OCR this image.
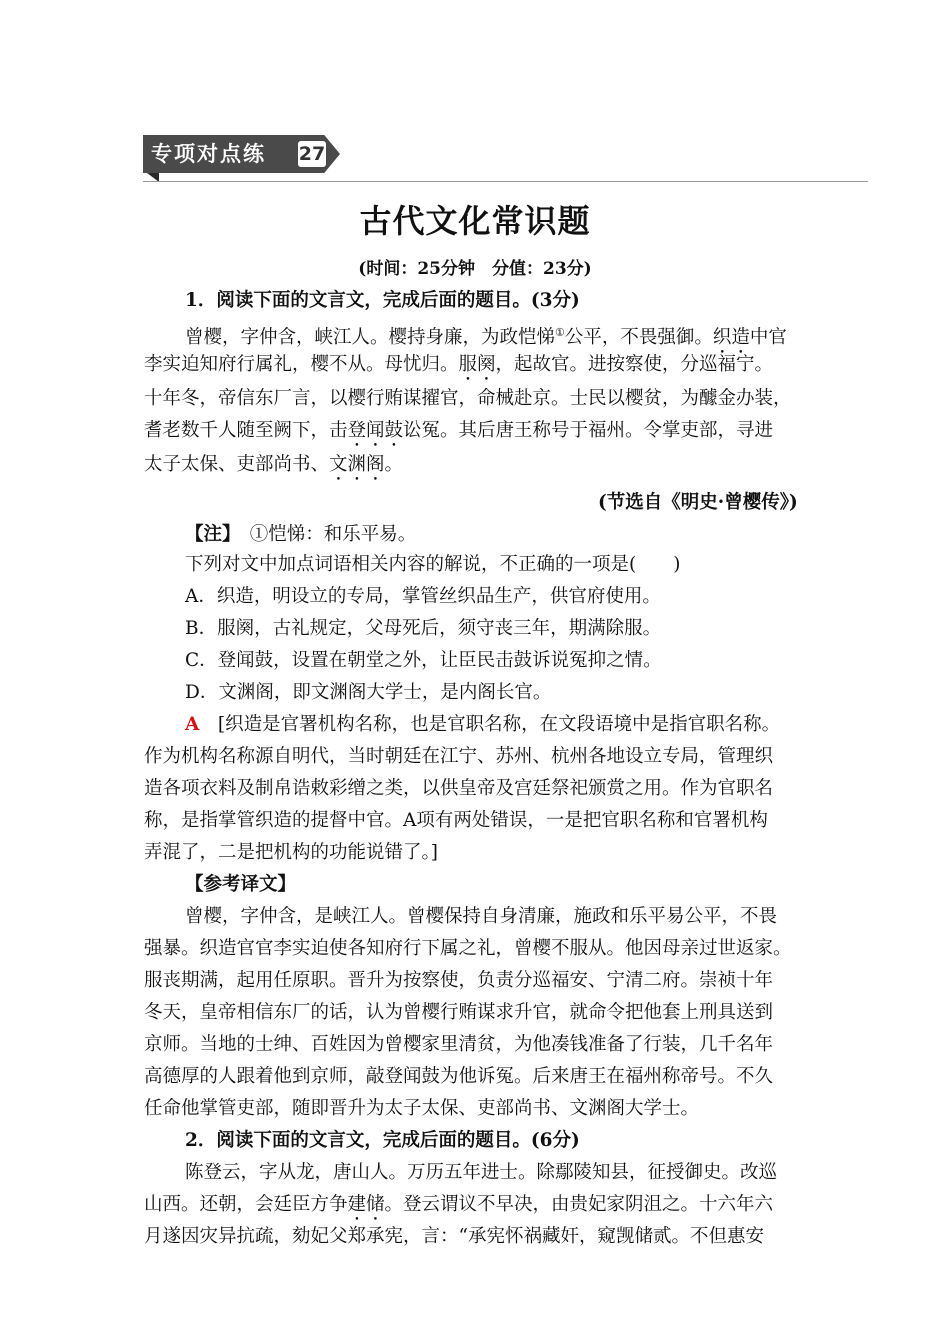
专项对点练 27
古代文化常识题
(时间：25分钟　分值：23分)
1．阅读下面的文言文，完成后面的题目。(3分)
曾樱，字仲含，峡江人。樱持身廉，为政恺悌①公平，不畏强御。织造中官
李实迫知府行属礼，樱不从。母忧归。服阕，起故官。进按察使，分巡福宁。
十年冬，帝信东厂言，以樱行贿谋擢官，命械赴京。士民以樱贫，为醵金办装，
耆老数千人随至阙下，击登闻鼓讼冤。其后唐王称号于福州。令掌吏部，寻进
太子太保、吏部尚书、文渊阁。
(节选自《明史·曾樱传》)
【注】　 ①恺悌：和乐平易。
下列对文中加点词语相关内容的解说，不正确的一项是(　　)
A．织造，明设立的专局，掌管丝织品生产，供官府使用。
B．服阕，古礼规定，父母死后，须守丧三年，期满除服。
C．登闻鼓，设置在朝堂之外，让臣民击鼓诉说冤抑之情。
D．文渊阁，即文渊阁大学士，是内阁长官。
A　 [织造是官署机构名称，也是官职名称，在文段语境中是指官职名称。
作为机构名称源自明代，当时朝廷在江宁、苏州、杭州各地设立专局，管理织
造各项衣料及制帛诰敕彩缯之类，以供皇帝及宫廷祭祀颁赏之用。作为官职名
称，是指掌管织造的提督中官。A项有两处错误，一是把官职名称和官署机构
弄混了，二是把机构的功能说错了。]
【参考译文】
曾樱，字仲含，是峡江人。曾樱保持自身清廉，施政和乐平易公平，不畏
强暴。织造官官李实迫使各知府行下属之礼，曾樱不服从。他因母亲过世返家。
服丧期满，起用任原职。晋升为按察使，负责分巡福安、宁清二府。崇祯十年
冬天，皇帝相信东厂的话，认为曾樱行贿谋求升官，就命令把他套上刑具送到
京师。当地的士绅、百姓因为曾樱家里清贫，为他凑钱准备了行装，几千名年
高德厚的人跟着他到京师，敲登闻鼓为他诉冤。后来唐王在福州称帝号。不久
任命他掌管吏部，随即晋升为太子太保、吏部尚书、文渊阁大学士。
2．阅读下面的文言文，完成后面的题目。(6分)
陈登云，字从龙，唐山人。万历五年进士。除鄢陵知县，征授御史。改巡
山西。还朝，会廷臣方争建储。登云谓议不早决，由贵妃家阴沮之。十六年六
月遂因灾异抗疏，劾妃父郑承宪，言：“承宪怀祸藏奸，窥觊储贰。不但惠安
